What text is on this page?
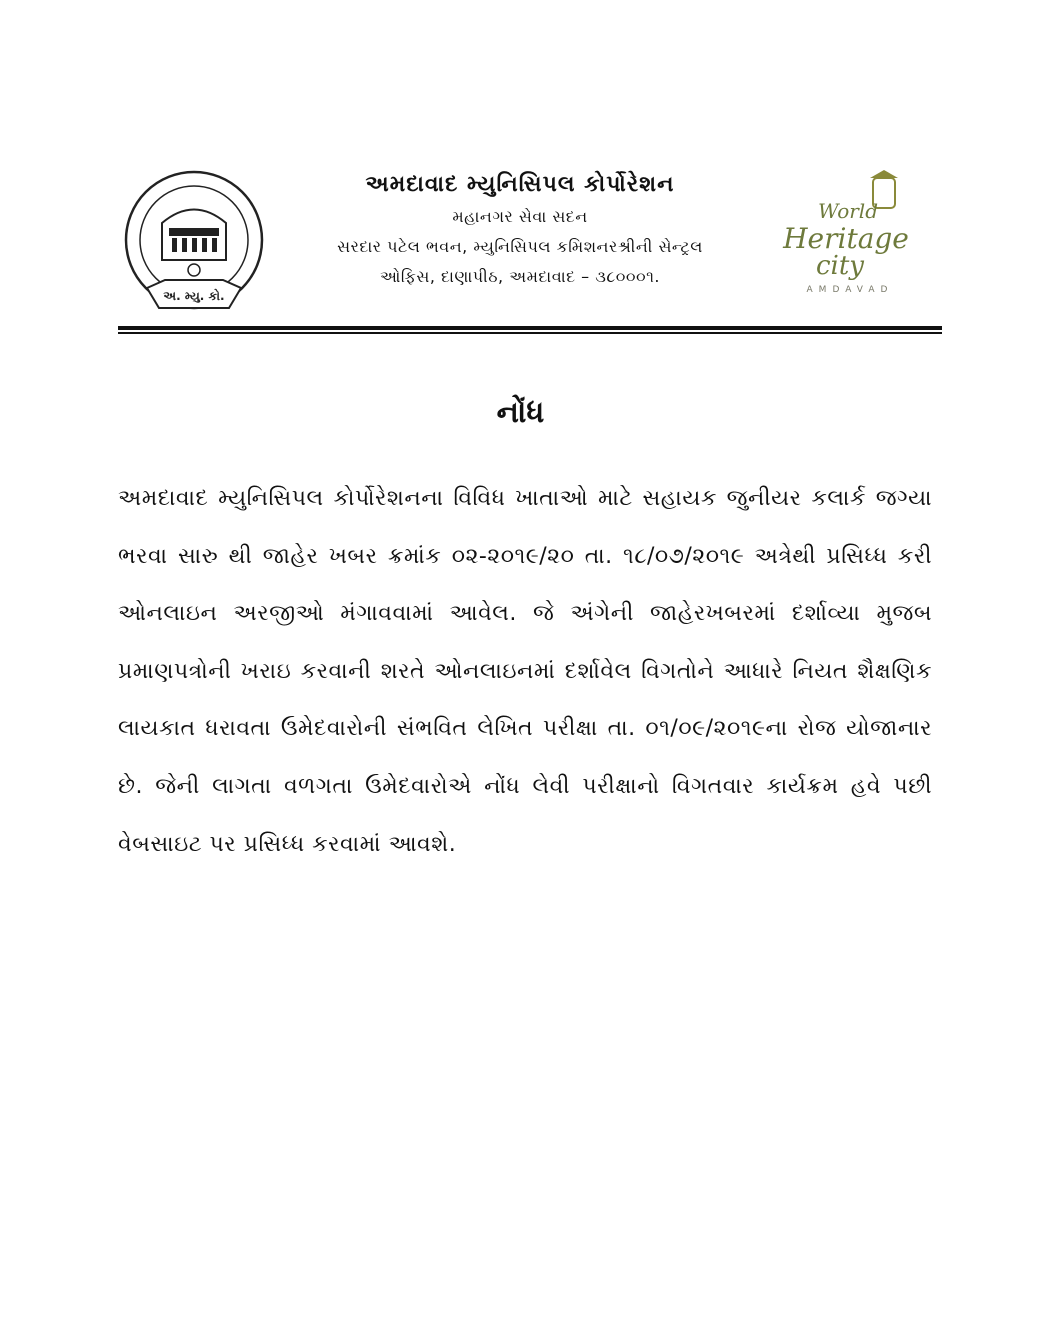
અ. મ્યુ. કો.
અમદાવાદ મ્યુનિસિપલ કોર્પોરેશન
મહાનગર સેવા સદન
સરદાર પટેલ ભવન, મ્યુનિસિપલ કમિશનરશ્રીની સેન્ટ્રલ
ઓફિસ, દાણાપીઠ, અમદાવાદ – ૩૮૦૦૦૧.
World
Heritage
city
AMDAVAD
નોંધ
અમદાવાદ મ્યુનિસિપલ કોર્પોરેશનના વિવિધ ખાતાઓ માટે સહાયક જુનીયર કલાર્ક જગ્યા ભરવા સારુ થી જાહેર ખબર ક્રમાંક ૦૨-૨૦૧૯/૨૦ તા. ૧૮/૦૭/૨૦૧૯ અત્રેથી પ્રસિધ્ધ કરી ઓનલાઇન અરજીઓ મંગાવવામાં આવેલ. જે અંગેની જાહેરખબરમાં દર્શાવ્યા મુજબ પ્રમાણપત્રોની ખરાઇ કરવાની શરતે ઓનલાઇનમાં દર્શાવેલ વિગતોને આધારે નિયત શૈક્ષણિક લાયકાત ધરાવતા ઉમેદવારોની સંભવિત લેખિત પરીક્ષા તા. ૦૧/૦૯/૨૦૧૯ના રોજ યોજાનાર છે. જેની લાગતા વળગતા ઉમેદવારોએ નોંધ લેવી પરીક્ષાનો વિગતવાર કાર્યક્રમ હવે પછી વેબસાઇટ પર પ્રસિધ્ધ કરવામાં આવશે.
